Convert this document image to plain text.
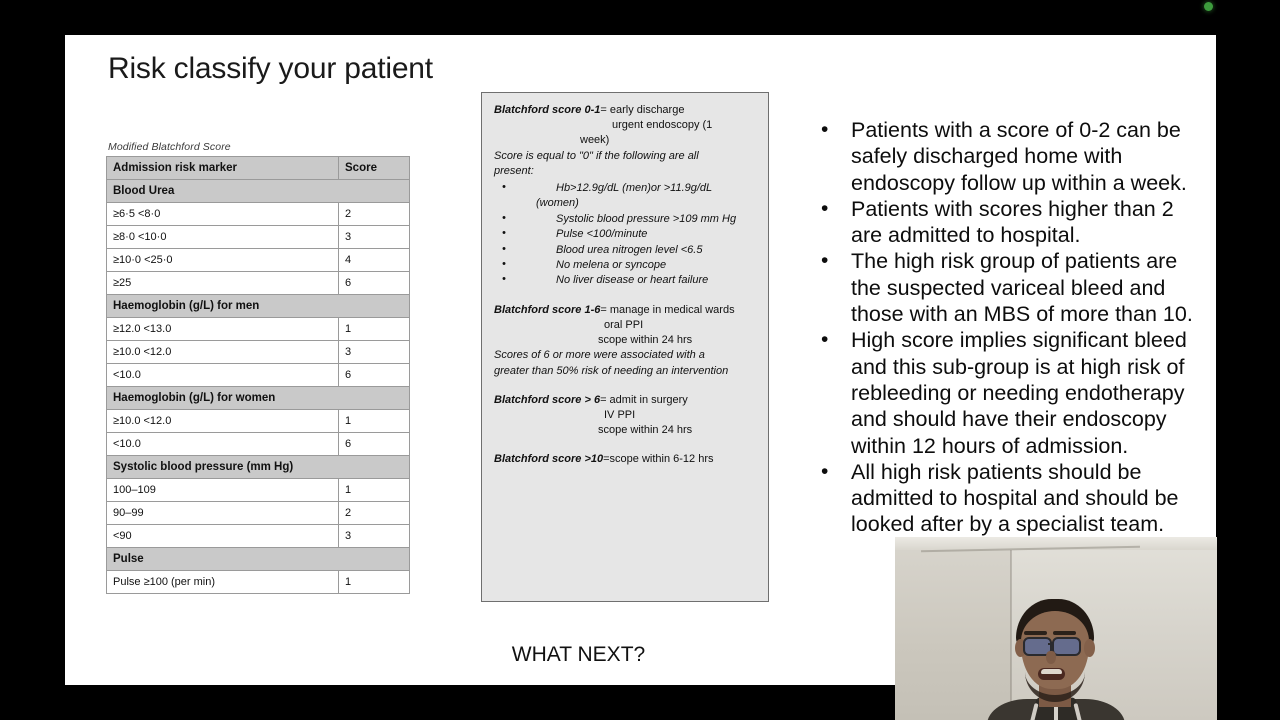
Risk classify your patient
Modified Blatchford Score
Admission risk marker	Score
Blood Urea	
≥6·5 <8·0	2
≥8·0 <10·0	3
≥10·0 <25·0	4
≥25	6
Haemoglobin (g/L) for men	
≥12.0 <13.0	1
≥10.0 <12.0	3
<10.0	6
Haemoglobin (g/L) for women	
≥10.0 <12.0	1
<10.0	6
Systolic blood pressure (mm Hg)	
100–109	1
90–99	2
<90	3
Pulse	
Pulse ≥100 (per min)	1
Blatchford score 0-1= early discharge
urgent endoscopy (1
week)
Score is equal to "0" if the following are all
present:
•	Hb>12.9g/dL (men)or >11.9g/dL
(women)
•	Systolic blood pressure >109 mm Hg
•	Pulse <100/minute
•	Blood urea nitrogen level <6.5
•	No melena or syncope
•	No liver disease or heart failure
Blatchford score 1-6= manage in medical wards
oral PPI
scope within 24 hrs
Scores of 6 or more were associated with a
greater than 50% risk of needing an intervention
Blatchford score > 6= admit in surgery
IV PPI
scope within 24 hrs
Blatchford score >10=scope within 6-12 hrs
• Patients with a score of 0-2 can be safely discharged home with endoscopy follow up within a week.
• Patients with scores higher than 2 are admitted to hospital.
• The high risk group of patients are the suspected variceal bleed and those with an MBS of more than 10.
• High score implies significant bleed and this sub-group is at high risk of rebleeding or needing endotherapy and should have their endoscopy within 12 hours of admission.
• All high risk patients should be admitted to hospital and should be looked after by a specialist team.
WHAT NEXT?
